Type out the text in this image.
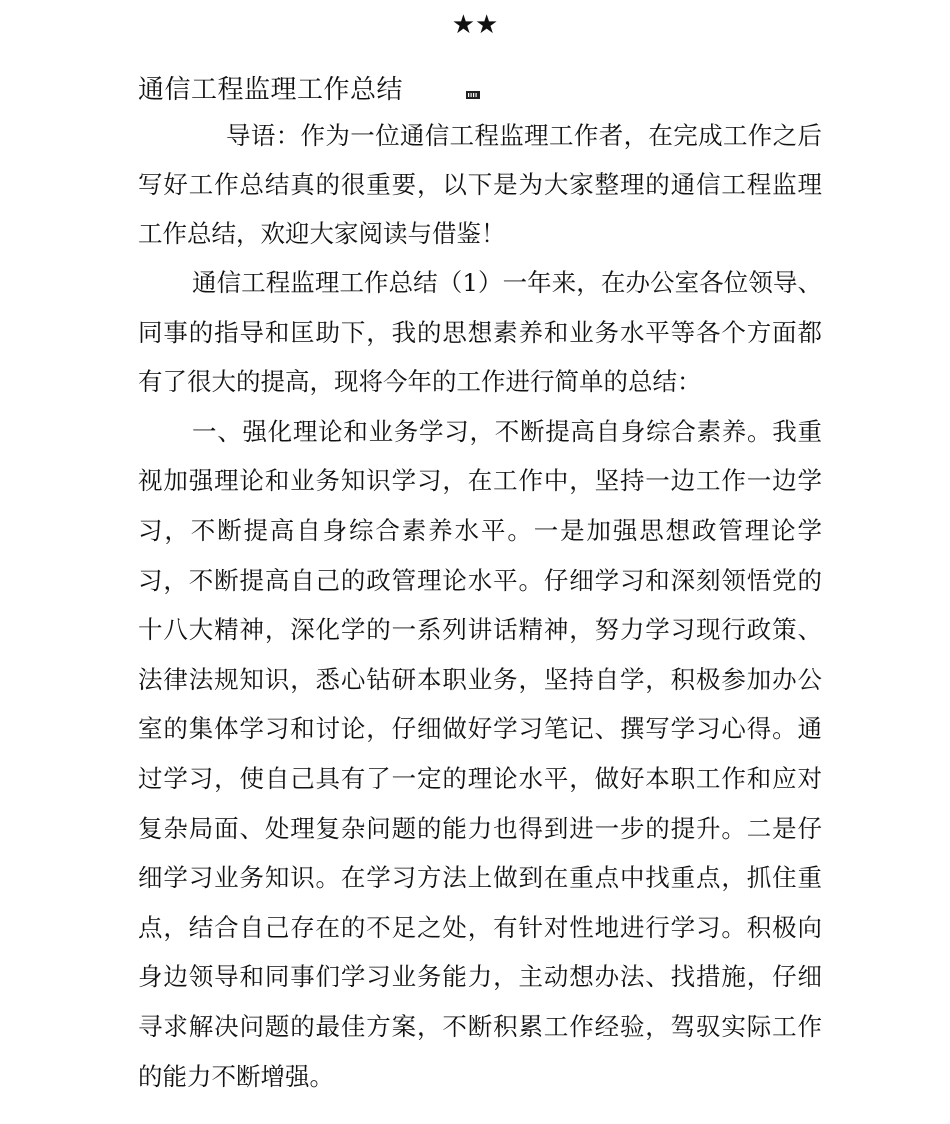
★★
通信工程监理工作总结

导语：作为一位通信工程监理工作者，在完成工作之后写好工作总结真的很重要，以下是为大家整理的通信工程监理工作总结，欢迎大家阅读与借鉴！

通信工程监理工作总结（1）一年来，在办公室各位领导、同事的指导和匡助下，我的思想素养和业务水平等各个方面都有了很大的提高，现将今年的工作进行简单的总结：

一、强化理论和业务学习，不断提高自身综合素养。我重视加强理论和业务知识学习，在工作中，坚持一边工作一边学习，不断提高自身综合素养水平。一是加强思想政管理论学习，不断提高自己的政管理论水平。仔细学习和深刻领悟党的十八大精神，深化学的一系列讲话精神，努力学习现行政策、法律法规知识，悉心钻研本职业务，坚持自学，积极参加办公室的集体学习和讨论，仔细做好学习笔记、撰写学习心得。通过学习，使自己具有了一定的理论水平，做好本职工作和应对复杂局面、处理复杂问题的能力也得到进一步的提升。二是仔细学习业务知识。在学习方法上做到在重点中找重点，抓住重点，结合自己存在的不足之处，有针对性地进行学习。积极向身边领导和同事们学习业务能力，主动想办法、找措施，仔细寻求解决问题的最佳方案，不断积累工作经验，驾驭实际工作的能力不断增强。
